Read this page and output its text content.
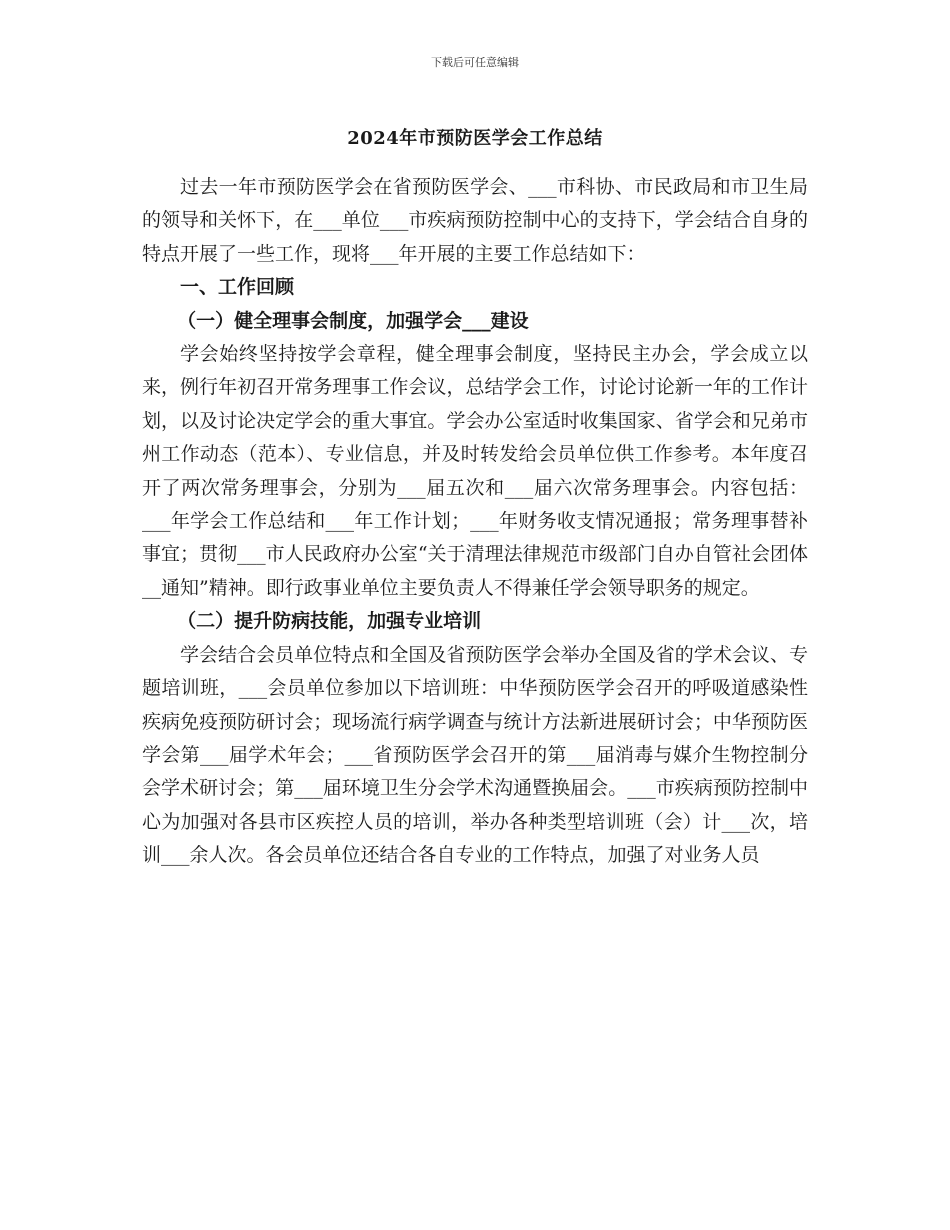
下载后可任意编辑
2024年市预防医学会工作总结

过去一年市预防医学会在省预防医学会、___市科协、市民政局和市卫生局的领导和关怀下，在___单位___市疾病预防控制中心的支持下，学会结合自身的特点开展了一些工作，现将___年开展的主要工作总结如下：

一、工作回顾
（一）健全理事会制度，加强学会___建设

学会始终坚持按学会章程，健全理事会制度，坚持民主办会，学会成立以来，例行年初召开常务理事工作会议，总结学会工作，讨论讨论新一年的工作计划，以及讨论决定学会的重大事宜。学会办公室适时收集国家、省学会和兄弟市州工作动态（范本）、专业信息，并及时转发给会员单位供工作参考。本年度召开了两次常务理事会，分别为___届五次和___届六次常务理事会。内容包括：___年学会工作总结和___年工作计划；___年财务收支情况通报；常务理事替补事宜；贯彻___市人民政府办公室“关于清理法律规范市级部门自办自管社会团体__通知”精神。即行政事业单位主要负责人不得兼任学会领导职务的规定。

（二）提升防病技能，加强专业培训

学会结合会员单位特点和全国及省预防医学会举办全国及省的学术会议、专题培训班，___会员单位参加以下培训班：中华预防医学会召开的呼吸道感染性疾病免疫预防研讨会；现场流行病学调查与统计方法新进展研讨会；中华预防医学会第___届学术年会；___省预防医学会召开的第___届消毒与媒介生物控制分会学术研讨会；第___届环境卫生分会学术沟通暨换届会。___市疾病预防控制中心为加强对各县市区疾控人员的培训，举办各种类型培训班（会）计___次，培训___余人次。各会员单位还结合各自专业的工作特点，加强了对业务人员
